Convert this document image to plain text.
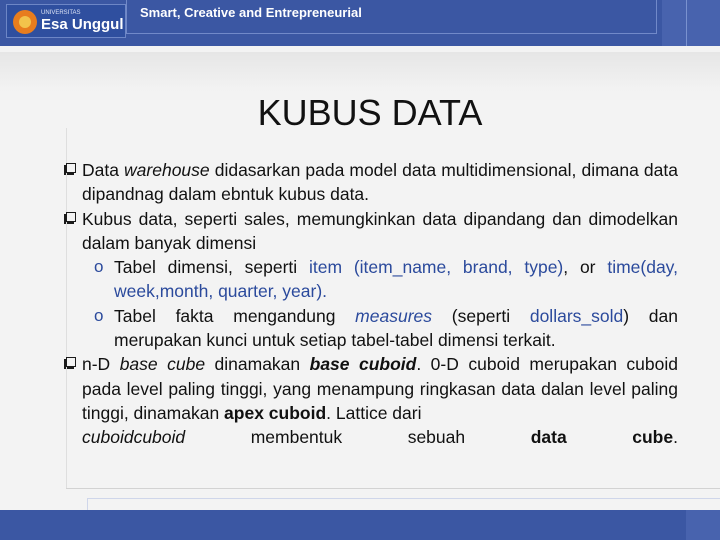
UNIVERSITAS
Esa Unggul
Smart, Creative and Entrepreneurial
KUBUS DATA
Data warehouse didasarkan pada model data multidimensional, dimana data dipandnag dalam ebntuk kubus data.
Kubus data, seperti sales, memungkinkan data dipandang dan dimodelkan dalam banyak dimensi
o Tabel dimensi, seperti item (item_name, brand, type), or time(day, week,month, quarter, year).
o Tabel fakta mengandung measures (seperti dollars_sold) dan merupakan kunci untuk setiap tabel-tabel dimensi terkait.
n-D base cube dinamakan base cuboid. 0-D cuboid merupakan cuboid pada level paling tinggi, yang menampung ringkasan data dalan level paling tinggi, dinamakan apex cuboid. Lattice dari
cuboidcuboid	membentuk	sebuah	data	cube.
